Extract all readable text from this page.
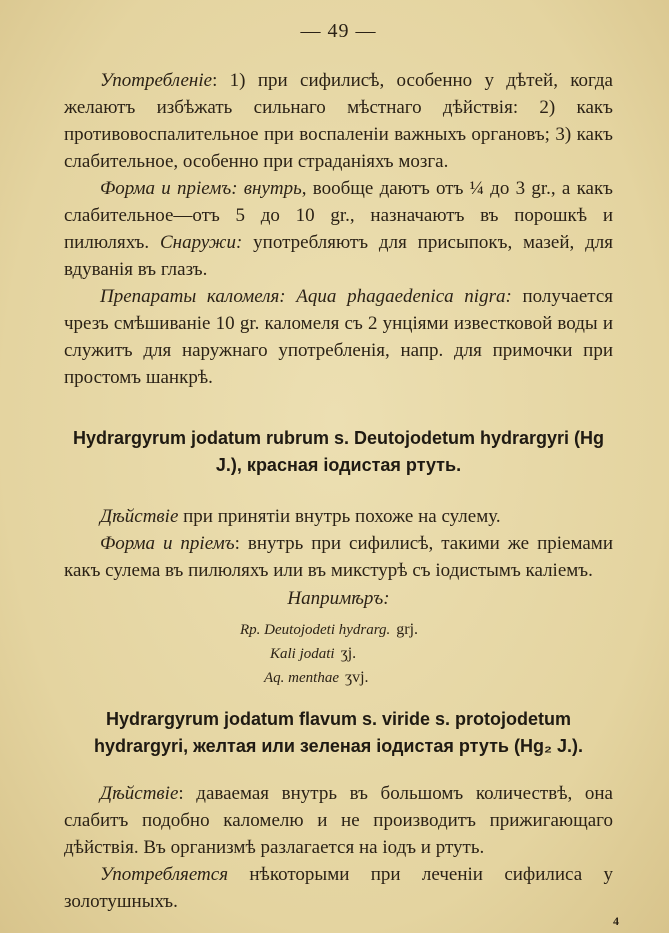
— 49 —

Употребленіе: 1) при сифилисѣ, особенно у дѣтей, когда желаютъ избѣжать сильнаго мѣстнаго дѣйствія: 2) какъ противовоспалительное при воспаленіи важныхъ органовъ; 3) какъ слабительное, особенно при страданіяхъ мозга.

Форма и пріемъ: внутрь, вообще даютъ отъ ¼ до 3 gr., а какъ слабительное—отъ 5 до 10 gr., назначаютъ въ порошкѣ и пилюляхъ. Снаружи: употребляютъ для присыпокъ, мазей, для вдуванія въ глазъ.

Препараты каломеля: Aqua phagaedenica nigra: получается чрезъ смѣшиваніе 10 gr. каломеля съ 2 унціями известковой воды и служитъ для наружнаго употребленія, напр. для примочки при простомъ шанкрѣ.

Hydrargyrum jodatum rubrum s. Deutojodetum hydrargyri (Hg J.), красная іодистая ртуть.

Дѣйствіе при принятіи внутрь похоже на сулему.

Форма и пріемъ: внутрь при сифилисѣ, такими же пріемами какъ сулема въ пилюляхъ или въ микстурѣ съ іодистымъ каліемъ.

Напримѣръ:
Rp. Deutojodeti hydrarg. grj.
Kali jodati ʒj.
Aq. menthae ʒvj.
Hydrargyrum jodatum flavum s. viride s. protojodetum hydrargyri, желтая или зеленая іодистая ртуть (Hg₂ J.).

Дѣйствіе: даваемая внутрь въ большомъ количествѣ, она слабитъ подобно каломелю и не производитъ прижигающаго дѣйствія. Въ организмѣ разлагается на іодъ и ртуть.

Употребляется нѣкоторыми при леченіи сифилиса у золотушныхъ.

4
